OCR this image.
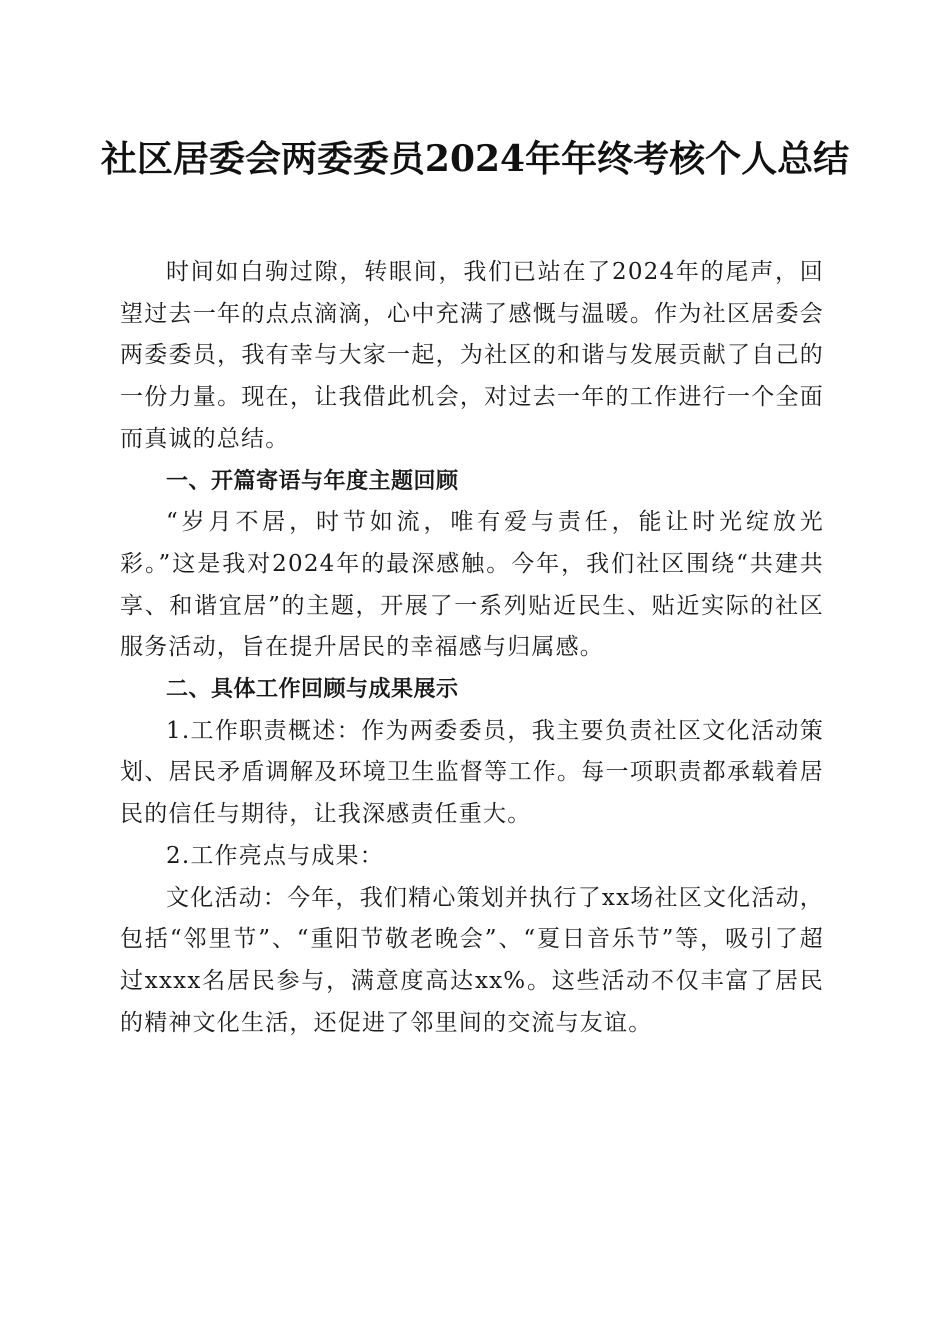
社区居委会两委委员2024年年终考核个人总结

时间如白驹过隙，转眼间，我们已站在了2024年的尾声，回望过去一年的点点滴滴，心中充满了感慨与温暖。作为社区居委会两委委员，我有幸与大家一起，为社区的和谐与发展贡献了自己的一份力量。现在，让我借此机会，对过去一年的工作进行一个全面而真诚的总结。

一、开篇寄语与年度主题回顾

“岁月不居，时节如流，唯有爱与责任，能让时光绽放光彩。”这是我对2024年的最深感触。今年，我们社区围绕“共建共享、和谐宜居”的主题，开展了一系列贴近民生、贴近实际的社区服务活动，旨在提升居民的幸福感与归属感。

二、具体工作回顾与成果展示

1.工作职责概述：作为两委委员，我主要负责社区文化活动策划、居民矛盾调解及环境卫生监督等工作。每一项职责都承载着居民的信任与期待，让我深感责任重大。

2.工作亮点与成果：

文化活动：今年，我们精心策划并执行了xx场社区文化活动，包括“邻里节”、“重阳节敬老晚会”、“夏日音乐节”等，吸引了超过xxxx名居民参与，满意度高达xx%。这些活动不仅丰富了居民的精神文化生活，还促进了邻里间的交流与友谊。
